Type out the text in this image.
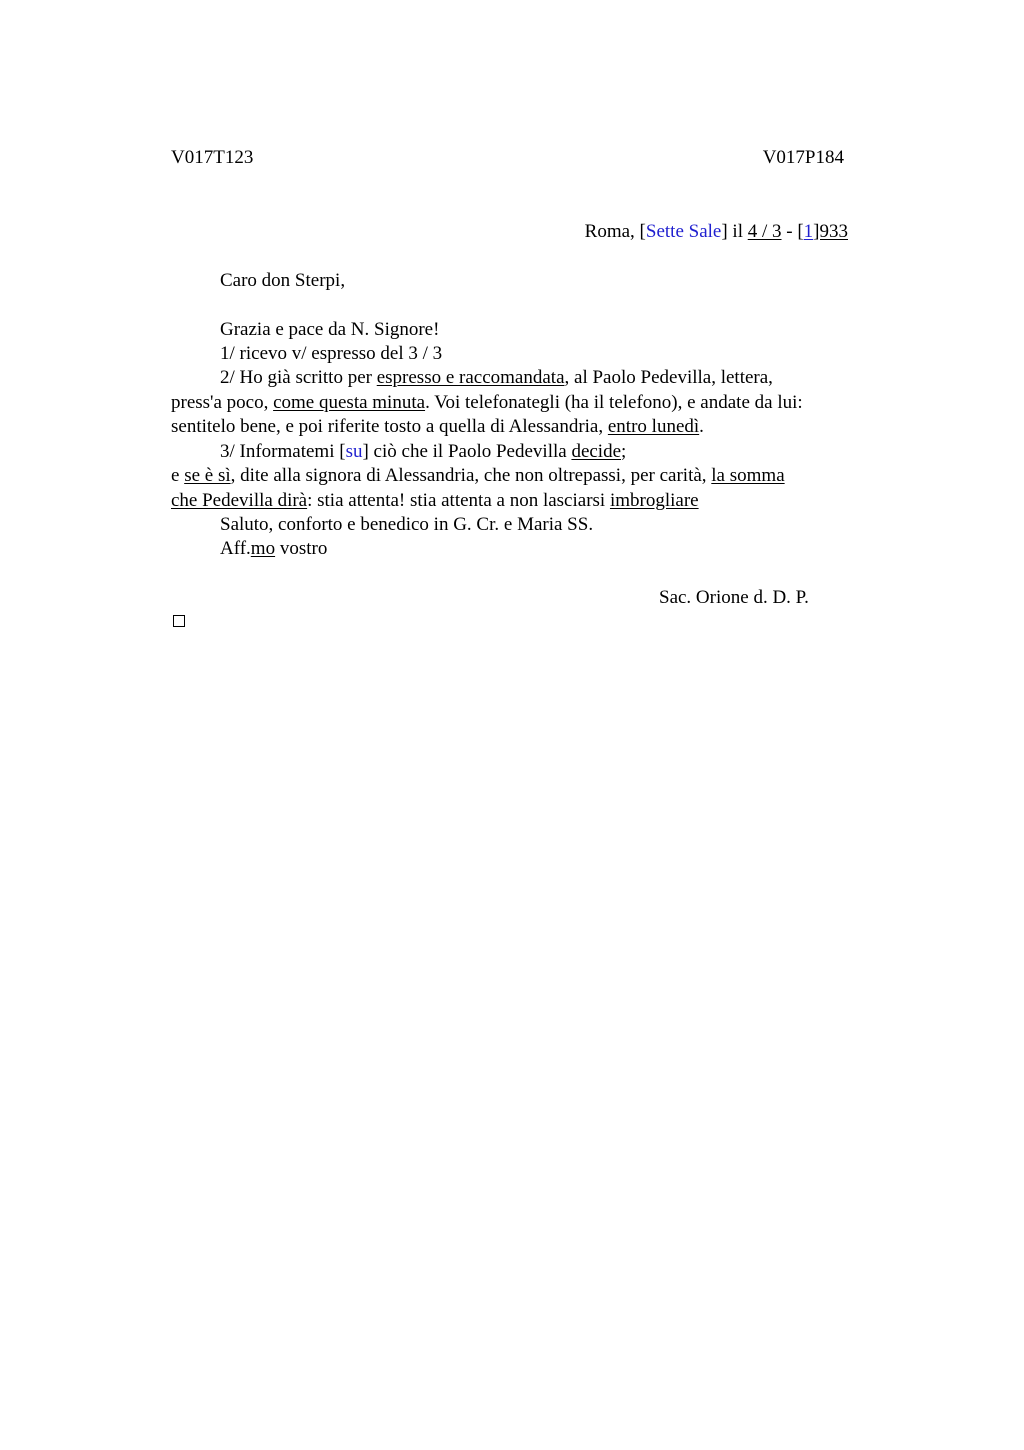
V017T123	V017P184
Roma, [Sette Sale] il 4 / 3 - [1]933
Caro don Sterpi,
Grazia e pace da N. Signore!
1/ ricevo v/ espresso del 3 / 3
2/ Ho già scritto per espresso e raccomandata, al Paolo Pedevilla, lettera,
press'a poco, come questa minuta. Voi telefonategli (ha il telefono), e andate da lui:
sentitelo bene, e poi riferite tosto a quella di Alessandria, entro lunedì.
3/ Informatemi [su] ciò che il Paolo Pedevilla decide;
e se è sì, dite alla signora di Alessandria, che non oltrepassi, per carità, la somma
che Pedevilla dirà: stia attenta! stia attenta a non lasciarsi imbrogliare
Saluto, conforto e benedico in G. Cr. e Maria SS.
Aff.mo vostro
Sac. Orione d. D. P.
